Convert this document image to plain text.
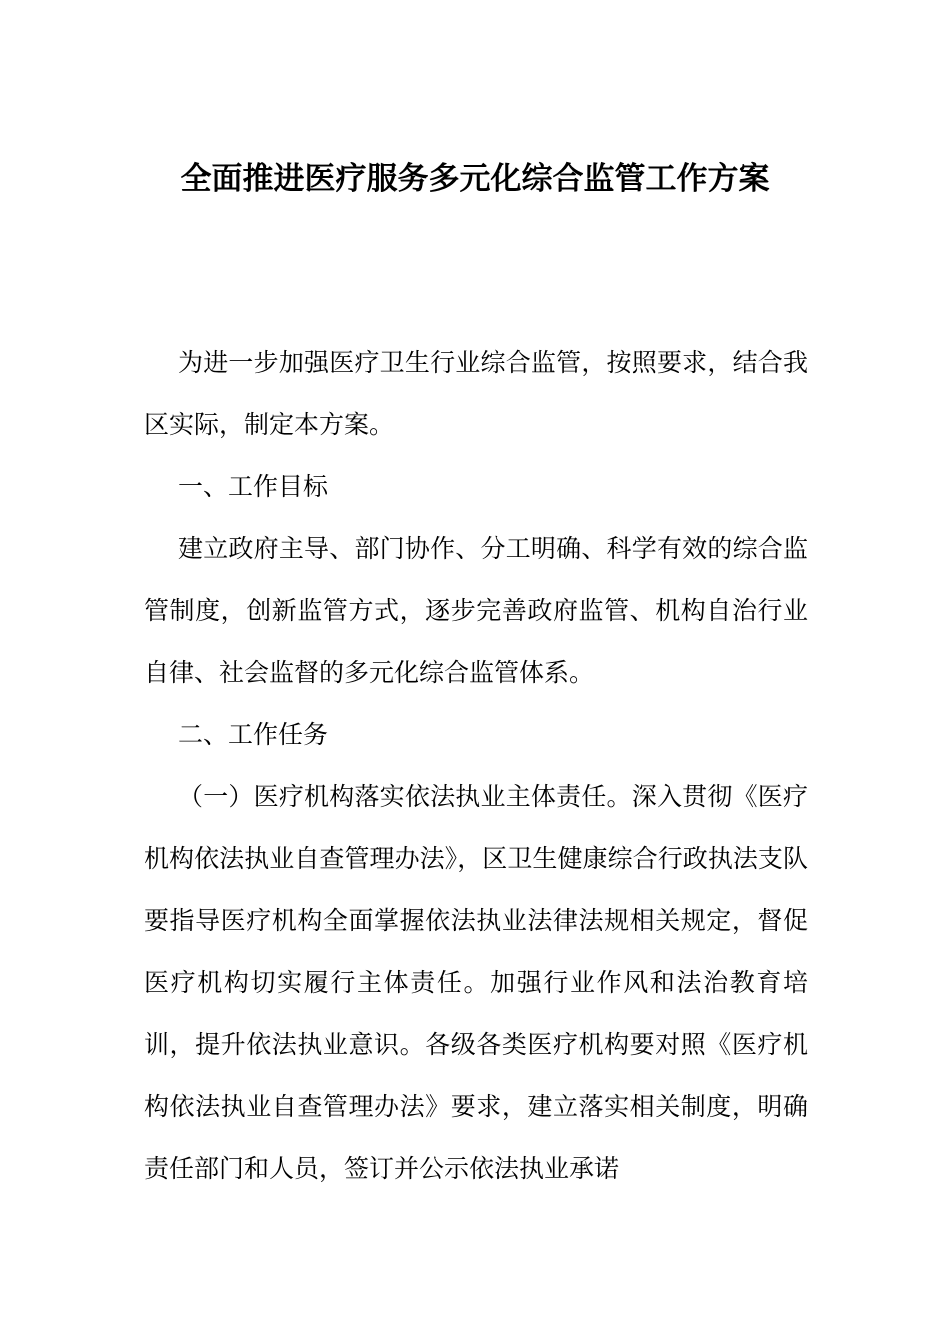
全面推进医疗服务多元化综合监管工作方案

为进一步加强医疗卫生行业综合监管，按照要求，结合我区实际，制定本方案。

一、工作目标

建立政府主导、部门协作、分工明确、科学有效的综合监管制度，创新监管方式，逐步完善政府监管、机构自治行业自律、社会监督的多元化综合监管体系。

二、工作任务

（一）医疗机构落实依法执业主体责任。深入贯彻《医疗机构依法执业自查管理办法》，区卫生健康综合行政执法支队要指导医疗机构全面掌握依法执业法律法规相关规定，督促医疗机构切实履行主体责任。加强行业作风和法治教育培训，提升依法执业意识。各级各类医疗机构要对照《医疗机构依法执业自查管理办法》要求，建立落实相关制度，明确责任部门和人员，签订并公示依法执业承诺
